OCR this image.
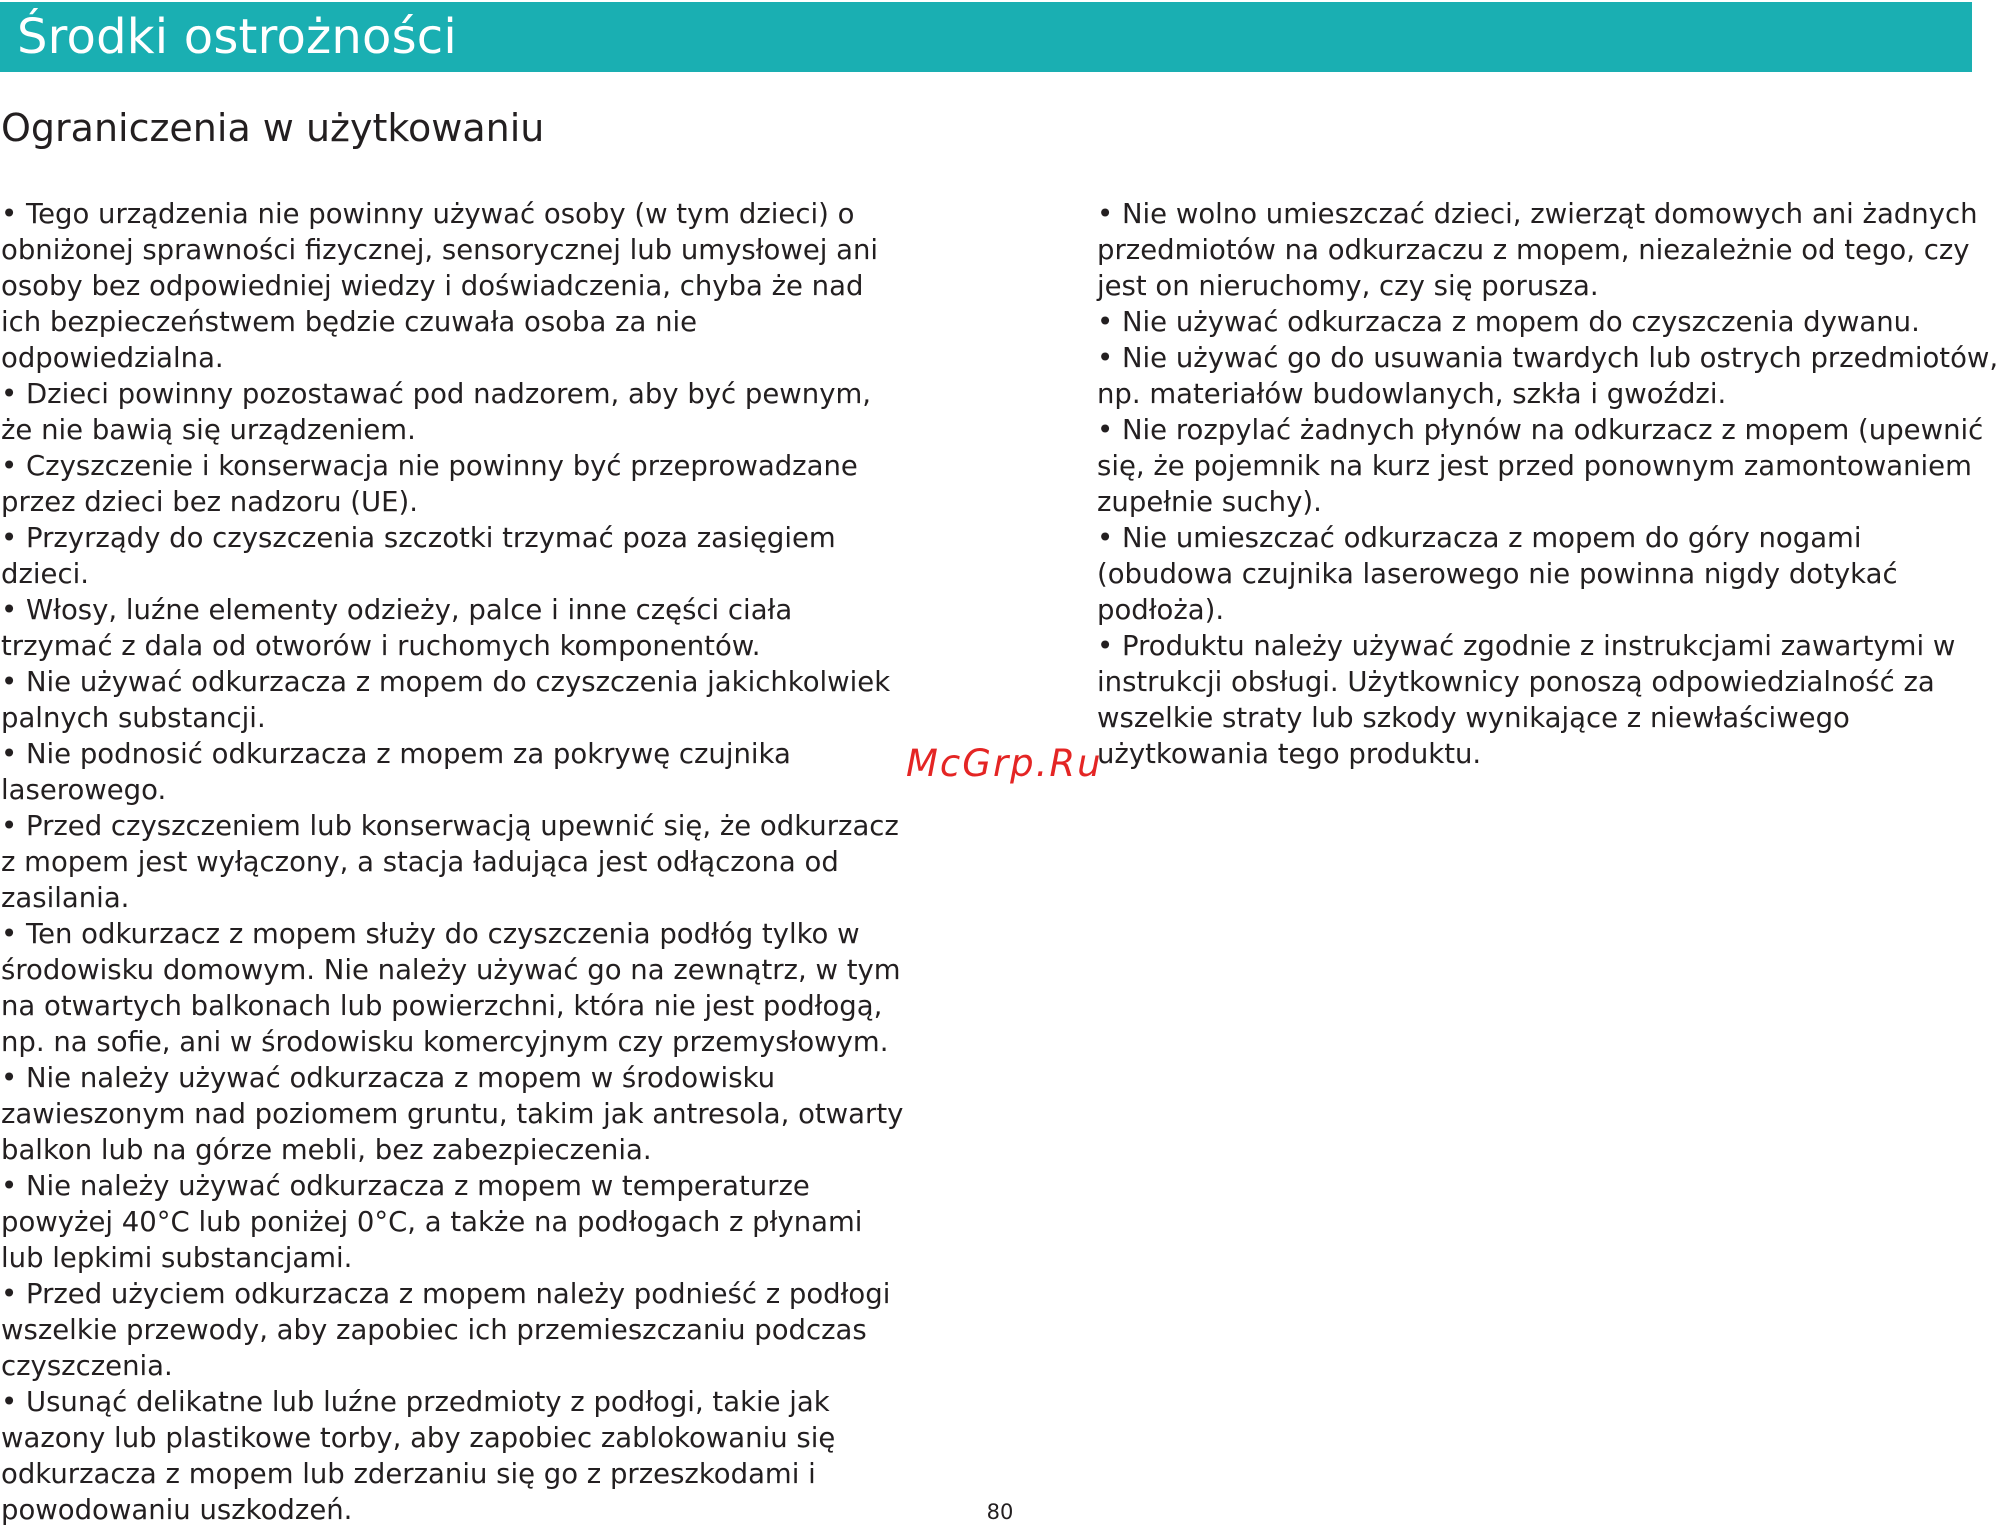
Środki ostrożności
Ograniczenia w użytkowaniu
• Tego urządzenia nie powinny używać osoby (w tym dzieci) o obniżonej sprawności fizycznej, sensorycznej lub umysłowej ani osoby bez odpowiedniej wiedzy i doświadczenia, chyba że nad ich bezpieczeństwem będzie czuwała osoba za nie odpowiedzialna.
• Dzieci powinny pozostawać pod nadzorem, aby być pewnym, że nie bawią się urządzeniem.
• Czyszczenie i konserwacja nie powinny być przeprowadzane przez dzieci bez nadzoru (UE).
• Przyrządy do czyszczenia szczotki trzymać poza zasięgiem dzieci.
• Włosy, luźne elementy odzieży, palce i inne części ciała trzymać z dala od otworów i ruchomych komponentów.
• Nie używać odkurzacza z mopem do czyszczenia jakichkolwiek palnych substancji.
• Nie podnosić odkurzacza z mopem za pokrywę czujnika laserowego.
• Przed czyszczeniem lub konserwacją upewnić się, że odkurzacz z mopem jest wyłączony, a stacja ładująca jest odłączona od zasilania.
• Ten odkurzacz z mopem służy do czyszczenia podłóg tylko w środowisku domowym. Nie należy używać go na zewnątrz, w tym na otwartych balkonach lub powierzchni, która nie jest podłogą, np. na sofie, ani w środowisku komercyjnym czy przemysłowym.
• Nie należy używać odkurzacza z mopem w środowisku zawieszonym nad poziomem gruntu, takim jak antresola, otwarty balkon lub na górze mebli, bez zabezpieczenia.
• Nie należy używać odkurzacza z mopem w temperaturze powyżej 40°C lub poniżej 0°C, a także na podłogach z płynami lub lepkimi substancjami.
• Przed użyciem odkurzacza z mopem należy podnieść z podłogi wszelkie przewody, aby zapobiec ich przemieszczaniu podczas czyszczenia.
• Usunąć delikatne lub luźne przedmioty z podłogi, takie jak wazony lub plastikowe torby, aby zapobiec zablokowaniu się odkurzacza z mopem lub zderzaniu się go z przeszkodami i powodowaniu uszkodzeń.
• Nie wolno umieszczać dzieci, zwierząt domowych ani żadnych przedmiotów na odkurzaczu z mopem, niezależnie od tego, czy jest on nieruchomy, czy się porusza.
• Nie używać odkurzacza z mopem do czyszczenia dywanu.
• Nie używać go do usuwania twardych lub ostrych przedmiotów, np. materiałów budowlanych, szkła i gwoździ.
• Nie rozpylać żadnych płynów na odkurzacz z mopem (upewnić się, że pojemnik na kurz jest przed ponownym zamontowaniem zupełnie suchy).
• Nie umieszczać odkurzacza z mopem do góry nogami (obudowa czujnika laserowego nie powinna nigdy dotykać podłoża).
• Produktu należy używać zgodnie z instrukcjami zawartymi w instrukcji obsługi. Użytkownicy ponoszą odpowiedzialność za wszelkie straty lub szkody wynikające z niewłaściwego użytkowania tego produktu.
McGrp.Ru
80
